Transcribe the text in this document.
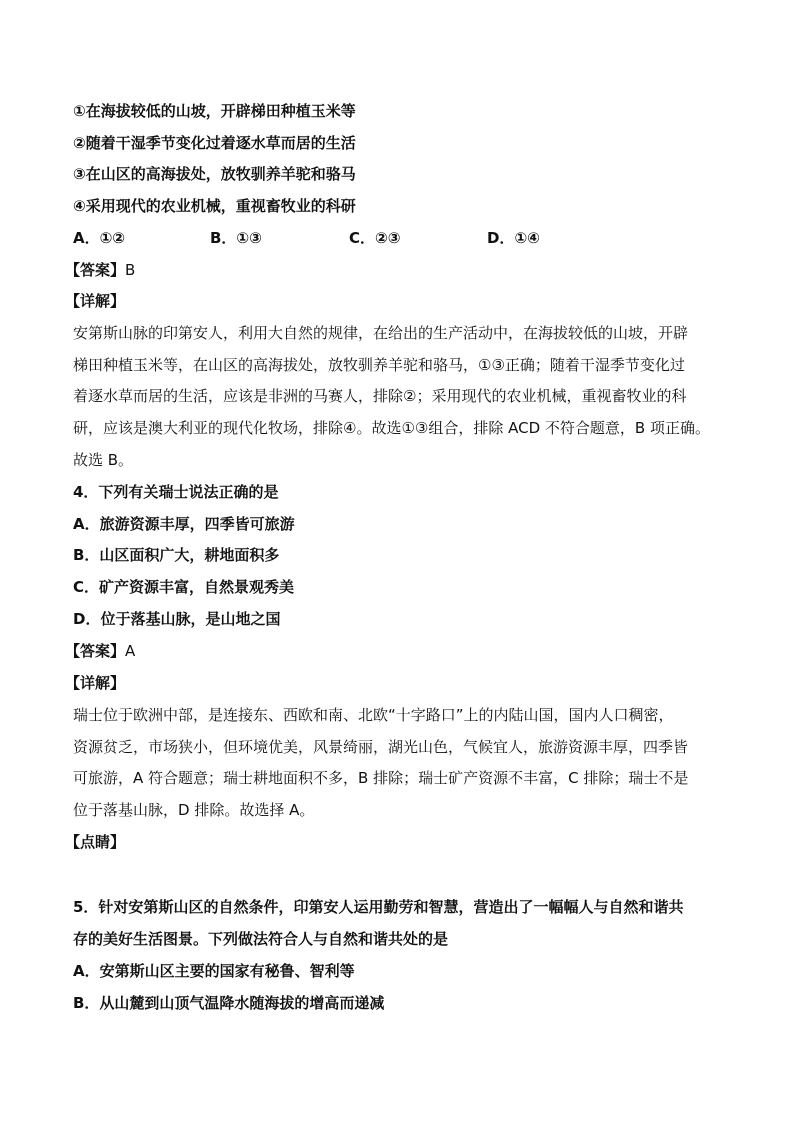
①在海拔较低的山坡，开辟梯田种植玉米等
②随着干湿季节变化过着逐水草而居的生活
③在山区的高海拔处，放牧驯养羊驼和骆马
④采用现代的农业机械，重视畜牧业的科研
A．①②	B．①③	C．②③	D．①④
【答案】B
【详解】
安第斯山脉的印第安人，利用大自然的规律，在给出的生产活动中，在海拔较低的山坡，开辟
梯田种植玉米等，在山区的高海拔处，放牧驯养羊驼和骆马，①③正确；随着干湿季节变化过
着逐水草而居的生活，应该是非洲的马赛人，排除②；采用现代的农业机械，重视畜牧业的科
研，应该是澳大利亚的现代化牧场，排除④。故选①③组合，排除 ACD 不符合题意，B 项正确。
故选 B。
4．下列有关瑞士说法正确的是
A．旅游资源丰厚，四季皆可旅游
B．山区面积广大，耕地面积多
C．矿产资源丰富，自然景观秀美
D．位于落基山脉，是山地之国
【答案】A
【详解】
瑞士位于欧洲中部，是连接东、西欧和南、北欧“十字路口”上的内陆山国，国内人口稠密，
资源贫乏，市场狭小，但环境优美，风景绮丽，湖光山色，气候宜人，旅游资源丰厚，四季皆
可旅游，A 符合题意；瑞士耕地面积不多，B 排除；瑞士矿产资源不丰富，C 排除；瑞士不是
位于落基山脉，D 排除。故选择 A。
【点睛】
5．针对安第斯山区的自然条件，印第安人运用勤劳和智慧，营造出了一幅幅人与自然和谐共
存的美好生活图景。下列做法符合人与自然和谐共处的是
A．安第斯山区主要的国家有秘鲁、智利等
B．从山麓到山顶气温降水随海拔的增高而递减
